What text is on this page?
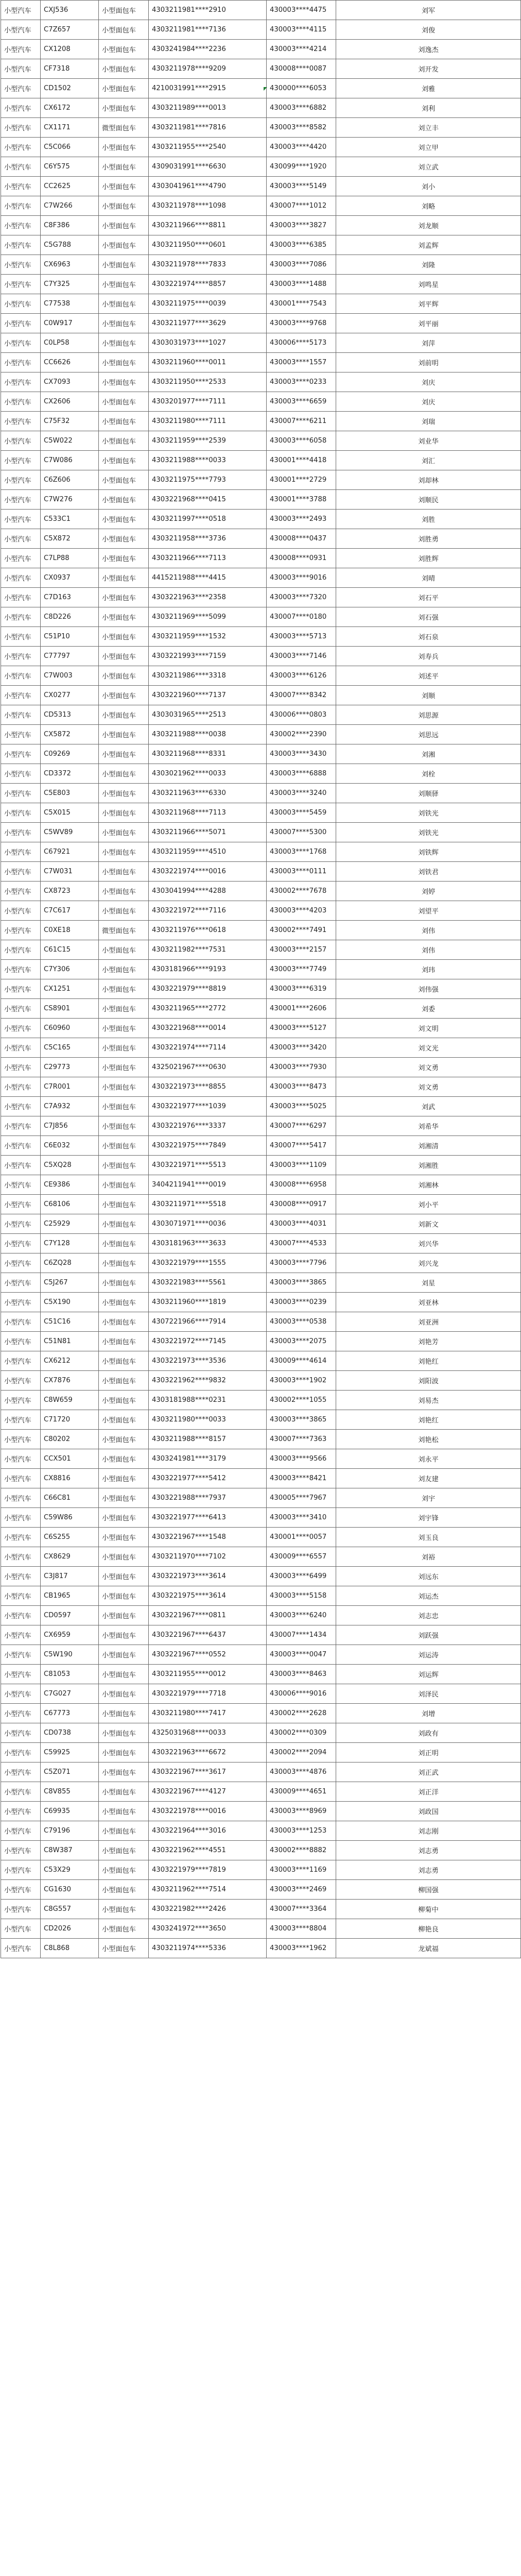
小型汽车	CXJ536	小型面包车	4303211981****2910	430003****4475	刘军
小型汽车	C7Z657	小型面包车	4303211981****7136	430003****4115	刘俊
小型汽车	CX1208	小型面包车	4303241984****2236	430003****4214	刘逸杰
小型汽车	CF7318	小型面包车	4303211978****9209	430008****0087	刘开发
小型汽车	CD1502	小型面包车	4210031991****2915	430000****6053	刘雅
小型汽车	CX6172	小型面包车	4303211989****0013	430003****6882	刘利
小型汽车	CX1171	微型面包车	4303211981****7816	430003****8582	刘立丰
小型汽车	C5C066	小型面包车	4303211955****2540	430003****4420	刘立甲
小型汽车	C6Y575	小型面包车	4309031991****6630	430099****1920	刘立武
小型汽车	CC2625	小型面包车	4303041961****4790	430003****5149	刘小
小型汽车	C7W266	小型面包车	4303211978****1098	430007****1012	刘略
小型汽车	C8F386	小型面包车	4303211966****8811	430003****3827	刘龙顺
小型汽车	C5G788	小型面包车	4303211950****0601	430003****6385	刘孟辉
小型汽车	CX6963	小型面包车	4303211978****7833	430003****7086	刘隆
小型汽车	C7Y325	小型面包车	4303221974****8857	430003****1488	刘鸣星
小型汽车	C77538	小型面包车	4303211975****0039	430001****7543	刘平辉
小型汽车	C0W917	小型面包车	4303211977****3629	430003****9768	刘平丽
小型汽车	C0LP58	小型面包车	4303031973****1027	430006****5173	刘萍
小型汽车	CC6626	小型面包车	4303211960****0011	430003****1557	刘前明
小型汽车	CX7093	小型面包车	4303211950****2533	430003****0233	刘庆
小型汽车	CX2606	小型面包车	4303201977****7111	430003****6659	刘庆
小型汽车	C75F32	小型面包车	4303211980****7111	430007****6211	刘瑞
小型汽车	C5W022	小型面包车	4303211959****2539	430003****6058	刘业华
小型汽车	C7W086	小型面包车	4303211988****0033	430001****4418	刘汇
小型汽车	C6Z606	小型面包车	4303211975****7793	430001****2729	刘却林
小型汽车	C7W276	小型面包车	4303221968****0415	430001****3788	刘顺民
小型汽车	C533C1	小型面包车	4303211997****0518	430003****2493	刘胜
小型汽车	C5X872	小型面包车	4303211958****3736	430008****0437	刘胜勇
小型汽车	C7LP88	小型面包车	4303211966****7113	430008****0931	刘胜辉
小型汽车	CX0937	小型面包车	4415211988****4415	430003****9016	刘晴
小型汽车	C7D163	小型面包车	4303221963****2358	430003****7320	刘石平
小型汽车	C8D226	小型面包车	4303211969****5099	430007****0180	刘石强
小型汽车	C51P10	小型面包车	4303211959****1532	430003****5713	刘石泉
小型汽车	C77797	小型面包车	4303221993****7159	430003****7146	刘寿兵
小型汽车	C7W003	小型面包车	4303211986****3318	430003****6126	刘述平
小型汽车	CX0277	小型面包车	4303221960****7137	430007****8342	刘顺
小型汽车	CD5313	小型面包车	4303031965****2513	430006****0803	刘思源
小型汽车	CX5872	小型面包车	4303211988****0038	430002****2390	刘思远
小型汽车	C09269	小型面包车	4303211968****8331	430003****3430	刘湘
小型汽车	CD3372	小型面包车	4303021962****0033	430003****6888	刘栓
小型汽车	C5E803	小型面包车	4303211963****6330	430003****3240	刘顺驿
小型汽车	C5X015	小型面包车	4303211968****7113	430003****5459	刘铁光
小型汽车	C5WV89	小型面包车	4303211966****5071	430007****5300	刘铁光
小型汽车	C67921	小型面包车	4303211959****4510	430003****1768	刘铁辉
小型汽车	C7W031	小型面包车	4303221974****0016	430003****0111	刘铁君
小型汽车	CX8723	小型面包车	4303041994****4288	430002****7678	刘婷
小型汽车	C7C617	小型面包车	4303221972****7116	430003****4203	刘望平
小型汽车	C0XE18	微型面包车	4303211976****0618	430002****7491	刘伟
小型汽车	C61C15	小型面包车	4303211982****7531	430003****2157	刘伟
小型汽车	C7Y306	小型面包车	4303181966****9193	430003****7749	刘玮
小型汽车	CX1251	小型面包车	4303221979****8819	430003****6319	刘伟强
小型汽车	CS8901	小型面包车	4303211965****2772	430001****2606	刘委
小型汽车	C60960	小型面包车	4303221968****0014	430003****5127	刘文明
小型汽车	C5C165	小型面包车	4303221974****7114	430003****3420	刘文光
小型汽车	C29773	小型面包车	4325021967****0630	430003****7930	刘文勇
小型汽车	C7R001	小型面包车	4303221973****8855	430003****8473	刘文勇
小型汽车	C7A932	小型面包车	4303221977****1039	430003****5025	刘武
小型汽车	C7J856	小型面包车	4303221976****3337	430007****6297	刘希华
小型汽车	C6E032	小型面包车	4303221975****7849	430007****5417	刘湘清
小型汽车	C5XQ28	小型面包车	4303221971****5513	430003****1109	刘湘胜
小型汽车	CE9386	小型面包车	3404211941****0019	430008****6958	刘湘林
小型汽车	C68106	小型面包车	4303211971****5518	430008****0917	刘小平
小型汽车	C25929	小型面包车	4303071971****0036	430003****4031	刘新文
小型汽车	C7Y128	小型面包车	4303181963****3633	430007****4533	刘兴华
小型汽车	C6ZQ28	小型面包车	4303221979****1555	430003****7796	刘兴龙
小型汽车	C5J267	小型面包车	4303221983****5561	430003****3865	刘星
小型汽车	C5X190	小型面包车	4303211960****1819	430003****0239	刘亚林
小型汽车	C51C16	小型面包车	4307221966****7914	430003****0538	刘亚洲
小型汽车	C51N81	小型面包车	4303221972****7145	430003****2075	刘艳芳
小型汽车	CX6212	小型面包车	4303221973****3536	430009****4614	刘艳红
小型汽车	CX7876	小型面包车	4303221962****9832	430003****1902	刘阳波
小型汽车	C8W659	小型面包车	4303181988****0231	430002****1055	刘易杰
小型汽车	C71720	小型面包车	4303211980****0033	430003****3865	刘艳红
小型汽车	C80202	小型面包车	4303211988****8157	430007****7363	刘艳松
小型汽车	CCX501	小型面包车	4303241981****3179	430003****9566	刘永平
小型汽车	CX8816	小型面包车	4303221977****5412	430003****8421	刘友建
小型汽车	C66C81	小型面包车	4303221988****7937	430005****7967	刘宇
小型汽车	C59W86	小型面包车	4303221977****6413	430003****3410	刘宇锋
小型汽车	C6S255	小型面包车	4303221967****1548	430001****0057	刘玉良
小型汽车	CX8629	小型面包车	4303211970****7102	430009****6557	刘裕
小型汽车	C3J817	小型面包车	4303221973****3614	430003****6499	刘远东
小型汽车	CB1965	小型面包车	4303221975****3614	430003****5158	刘运杰
小型汽车	CD0597	小型面包车	4303221967****0811	430003****6240	刘志忠
小型汽车	CX6959	小型面包车	4303221967****6437	430007****1434	刘跃强
小型汽车	C5W190	小型面包车	4303221967****0552	430003****0047	刘运涛
小型汽车	C81053	小型面包车	4303211955****0012	430003****8463	刘运辉
小型汽车	C7G027	小型面包车	4303221979****7718	430006****9016	刘泽民
小型汽车	C67773	小型面包车	4303211980****7417	430002****2628	刘增
小型汽车	CD0738	小型面包车	4325031968****0033	430002****0309	刘政有
小型汽车	C59925	小型面包车	4303221963****6672	430002****2094	刘正明
小型汽车	C5Z071	小型面包车	4303221967****3617	430003****4876	刘正武
小型汽车	C8V855	小型面包车	4303221967****4127	430009****4651	刘正洋
小型汽车	C69935	小型面包车	4303221978****0016	430003****8969	刘政国
小型汽车	C79196	小型面包车	4303221964****3016	430003****1253	刘志刚
小型汽车	C8W387	小型面包车	4303221962****4551	430002****8882	刘志勇
小型汽车	C53X29	小型面包车	4303221979****7819	430003****1169	刘志勇
小型汽车	CG1630	小型面包车	4303211962****7514	430003****2469	柳国强
小型汽车	C8G557	小型面包车	4303221982****2426	430007****3364	柳菊中
小型汽车	CD2026	小型面包车	4303241972****3650	430003****8804	柳艳良
小型汽车	C8L868	小型面包车	4303211974****5336	430003****1962	龙斌福
